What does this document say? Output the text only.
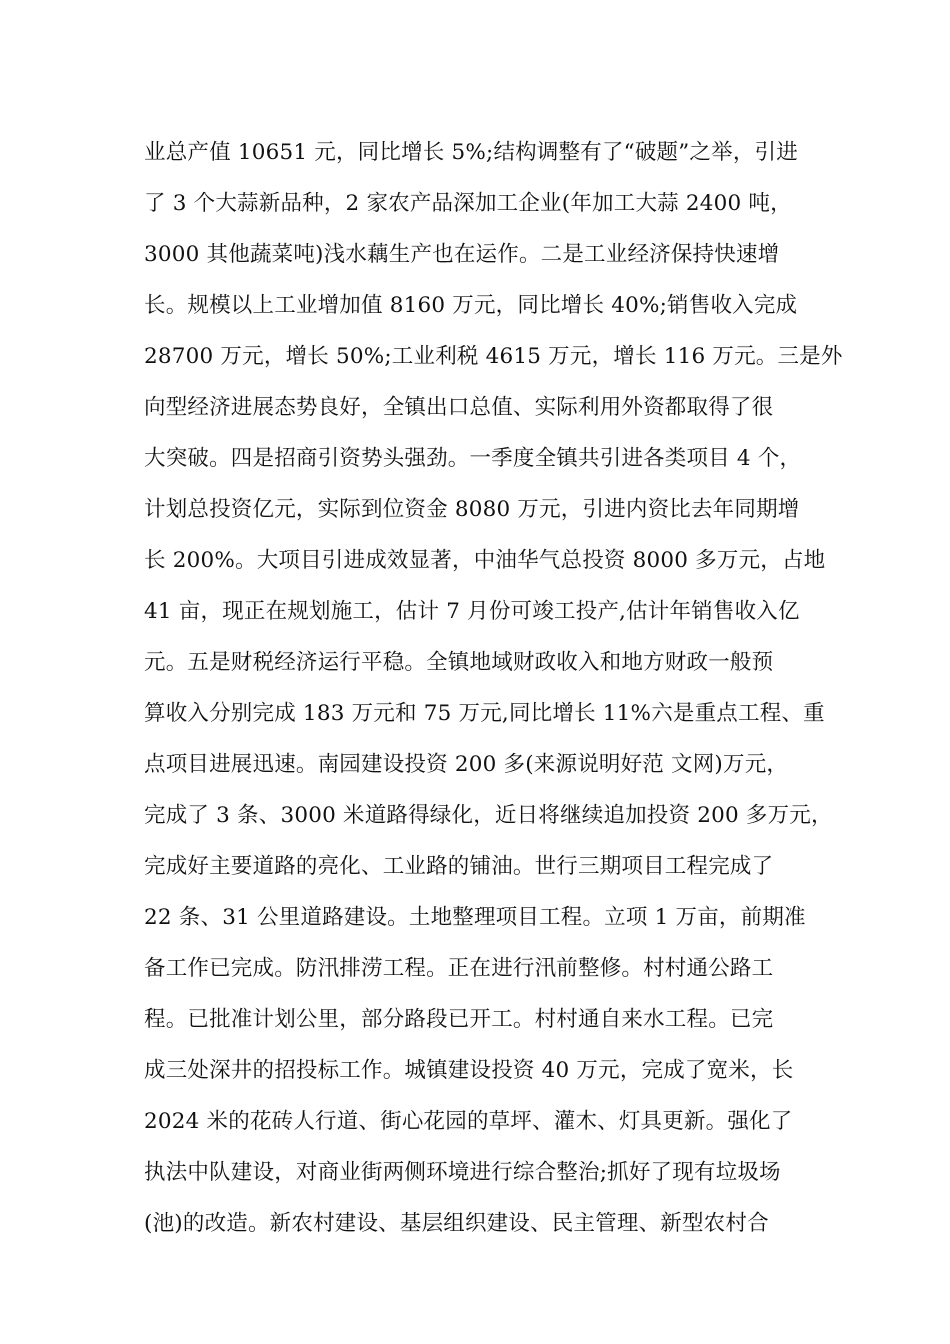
业总产值 10651 元，同比增长 5%;结构调整有了“破题”之举，引进
了 3 个大蒜新品种，2 家农产品深加工企业(年加工大蒜 2400 吨，
3000 其他蔬菜吨)浅水藕生产也在运作。二是工业经济保持快速增
长。规模以上工业增加值 8160 万元，同比增长 40%;销售收入完成
28700 万元，增长 50%;工业利税 4615 万元，增长 116 万元。三是外
向型经济进展态势良好，全镇出口总值、实际利用外资都取得了很
大突破。四是招商引资势头强劲。一季度全镇共引进各类项目 4 个，
计划总投资亿元，实际到位资金 8080 万元，引进内资比去年同期增
长 200%。大项目引进成效显著，中油华气总投资 8000 多万元，占地
41 亩，现正在规划施工，估计 7 月份可竣工投产,估计年销售收入亿
元。五是财税经济运行平稳。全镇地域财政收入和地方财政一般预
算收入分别完成 183 万元和 75 万元,同比增长 11%六是重点工程、重
点项目进展迅速。南园建设投资 200 多(来源说明好范 文网)万元，
完成了 3 条、3000 米道路得绿化，近日将继续追加投资 200 多万元，
完成好主要道路的亮化、工业路的铺油。世行三期项目工程完成了
22 条、31 公里道路建设。土地整理项目工程。立项 1 万亩，前期准
备工作已完成。防汛排涝工程。正在进行汛前整修。村村通公路工
程。已批准计划公里，部分路段已开工。村村通自来水工程。已完
成三处深井的招投标工作。城镇建设投资 40 万元，完成了宽米，长
2024 米的花砖人行道、街心花园的草坪、灌木、灯具更新。强化了
执法中队建设，对商业街两侧环境进行综合整治;抓好了现有垃圾场
(池)的改造。新农村建设、基层组织建设、民主管理、新型农村合
